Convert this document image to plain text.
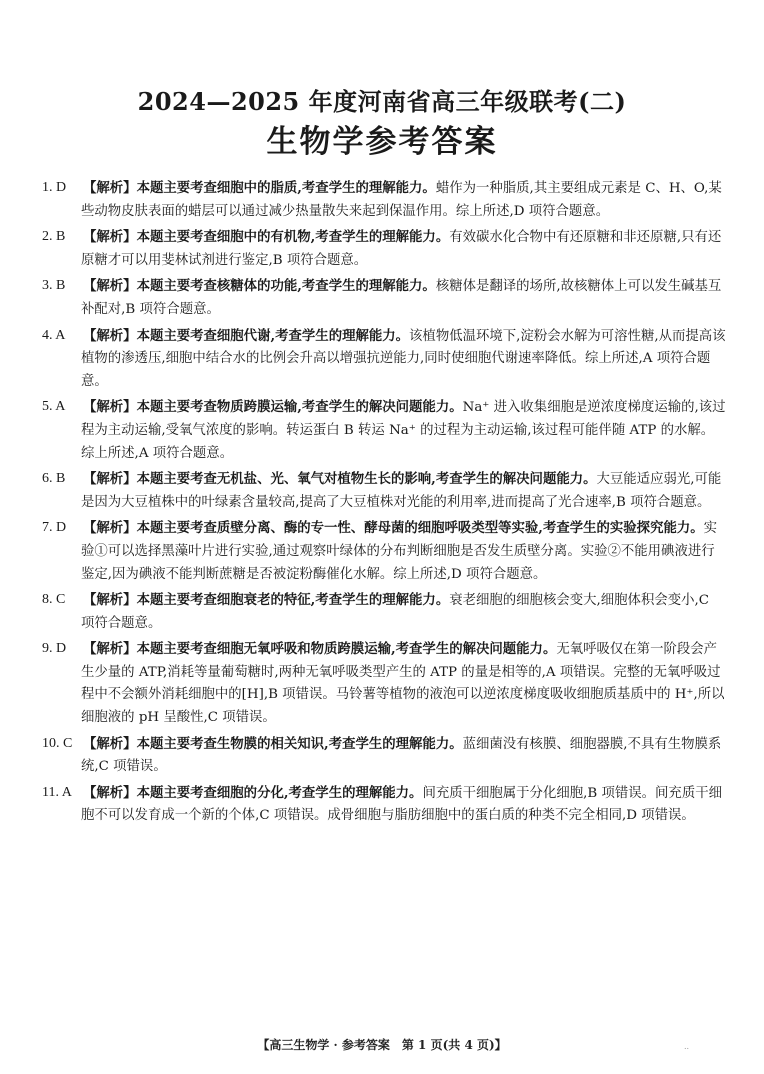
2024—2025 年度河南省高三年级联考(二)
生物学参考答案
1. D	【解析】本题主要考查细胞中的脂质,考查学生的理解能力。蜡作为一种脂质,其主要组成元素是 C、H、O,某些动物皮肤表面的蜡层可以通过减少热量散失来起到保温作用。综上所述,D 项符合题意。
2. B	【解析】本题主要考查细胞中的有机物,考查学生的理解能力。有效碳水化合物中有还原糖和非还原糖,只有还原糖才可以用斐林试剂进行鉴定,B 项符合题意。
3. B	【解析】本题主要考查核糖体的功能,考查学生的理解能力。核糖体是翻译的场所,故核糖体上可以发生碱基互补配对,B 项符合题意。
4. A	【解析】本题主要考查细胞代谢,考查学生的理解能力。该植物低温环境下,淀粉会水解为可溶性糖,从而提高该植物的渗透压,细胞中结合水的比例会升高以增强抗逆能力,同时使细胞代谢速率降低。综上所述,A 项符合题意。
5. A	【解析】本题主要考查物质跨膜运输,考查学生的解决问题能力。Na⁺ 进入收集细胞是逆浓度梯度运输的,该过程为主动运输,受氧气浓度的影响。转运蛋白 B 转运 Na⁺ 的过程为主动运输,该过程可能伴随 ATP 的水解。综上所述,A 项符合题意。
6. B	【解析】本题主要考查无机盐、光、氧气对植物生长的影响,考查学生的解决问题能力。大豆能适应弱光,可能是因为大豆植株中的叶绿素含量较高,提高了大豆植株对光能的利用率,进而提高了光合速率,B 项符合题意。
7. D	【解析】本题主要考查质壁分离、酶的专一性、酵母菌的细胞呼吸类型等实验,考查学生的实验探究能力。实验①可以选择黑藻叶片进行实验,通过观察叶绿体的分布判断细胞是否发生质壁分离。实验②不能用碘液进行鉴定,因为碘液不能判断蔗糖是否被淀粉酶催化水解。综上所述,D 项符合题意。
8. C	【解析】本题主要考查细胞衰老的特征,考查学生的理解能力。衰老细胞的细胞核会变大,细胞体积会变小,C 项符合题意。
9. D	【解析】本题主要考查细胞无氧呼吸和物质跨膜运输,考查学生的解决问题能力。无氧呼吸仅在第一阶段会产生少量的 ATP,消耗等量葡萄糖时,两种无氧呼吸类型产生的 ATP 的量是相等的,A 项错误。完整的无氧呼吸过程中不会额外消耗细胞中的[H],B 项错误。马铃薯等植物的液泡可以逆浓度梯度吸收细胞质基质中的 H⁺,所以细胞液的 pH 呈酸性,C 项错误。
10. C 【解析】本题主要考查生物膜的相关知识,考查学生的理解能力。蓝细菌没有核膜、细胞器膜,不具有生物膜系统,C 项错误。
11. A 【解析】本题主要考查细胞的分化,考查学生的理解能力。间充质干细胞属于分化细胞,B 项错误。间充质干细胞不可以发育成一个新的个体,C 项错误。成骨细胞与脂肪细胞中的蛋白质的种类不完全相同,D 项错误。
【高三生物学 · 参考答案　第 1 页(共 4 页)】	..
